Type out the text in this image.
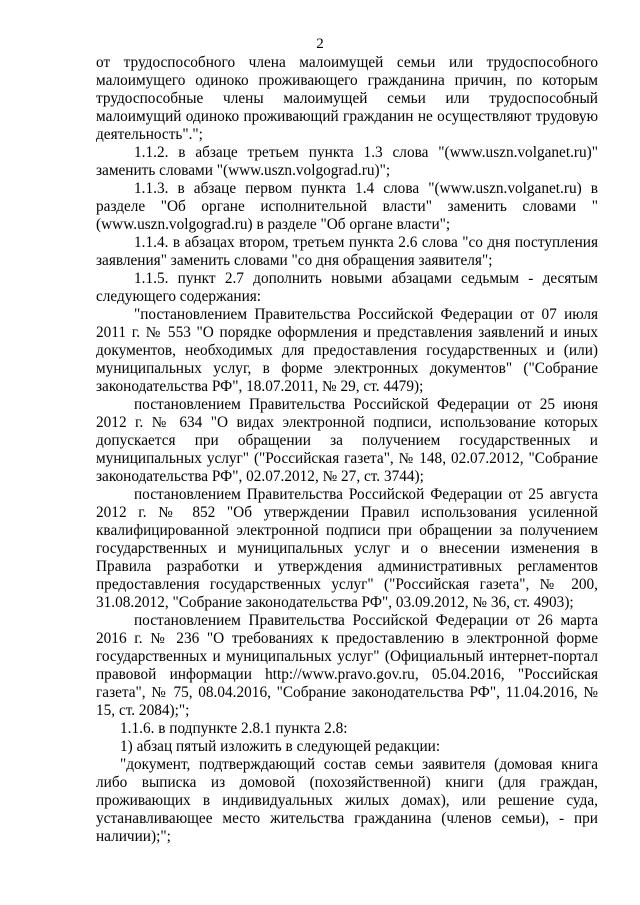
2

от трудоспособного члена малоимущей семьи или трудоспособного малоимущего одиноко проживающего гражданина причин, по которым трудоспособные члены малоимущей семьи или трудоспособный малоимущий одиноко проживающий гражданин не осуществляют трудовую деятельность".";

1.1.2. в абзаце третьем пункта 1.3 слова "(www.uszn.volganet.ru)" заменить словами "(www.uszn.volgograd.ru)";

1.1.3. в абзаце первом пункта 1.4 слова "(www.uszn.volganet.ru) в разделе "Об органе исполнительной власти" заменить словами "(www.uszn.volgograd.ru) в разделе "Об органе власти";

1.1.4. в абзацах втором, третьем пункта 2.6 слова "со дня поступления заявления" заменить словами "со дня обращения заявителя";

1.1.5. пункт 2.7 дополнить новыми абзацами седьмым - десятым следующего содержания:

"постановлением Правительства Российской Федерации от 07 июля 2011 г. № 553 "О порядке оформления и представления заявлений и иных документов, необходимых для предоставления государственных и (или) муниципальных услуг, в форме электронных документов" ("Собрание законодательства РФ", 18.07.2011, № 29, ст. 4479);

постановлением Правительства Российской Федерации от 25 июня 2012 г. № 634 "О видах электронной подписи, использование которых допускается при обращении за получением государственных и муниципальных услуг" ("Российская газета", № 148, 02.07.2012, "Собрание законодательства РФ", 02.07.2012, № 27, ст. 3744);

постановлением Правительства Российской Федерации от 25 августа 2012 г. № 852 "Об утверждении Правил использования усиленной квалифицированной электронной подписи при обращении за получением государственных и муниципальных услуг и о внесении изменения в Правила разработки и утверждения административных регламентов предоставления государственных услуг" ("Российская газета", № 200, 31.08.2012, "Собрание законодательства РФ", 03.09.2012, № 36, ст. 4903);

постановлением Правительства Российской Федерации от 26 марта 2016 г. № 236 "О требованиях к предоставлению в электронной форме государственных и муниципальных услуг" (Официальный интернет-портал правовой информации http://www.pravo.gov.ru, 05.04.2016, "Российская газета", № 75, 08.04.2016, "Собрание законодательства РФ", 11.04.2016, № 15, ст. 2084);";

1.1.6. в подпункте 2.8.1 пункта 2.8:

1) абзац пятый изложить в следующей редакции:

"документ, подтверждающий состав семьи заявителя (домовая книга либо выписка из домовой (похозяйственной) книги (для граждан, проживающих в индивидуальных жилых домах), или решение суда, устанавливающее место жительства гражданина (членов семьи), - при наличии);";
